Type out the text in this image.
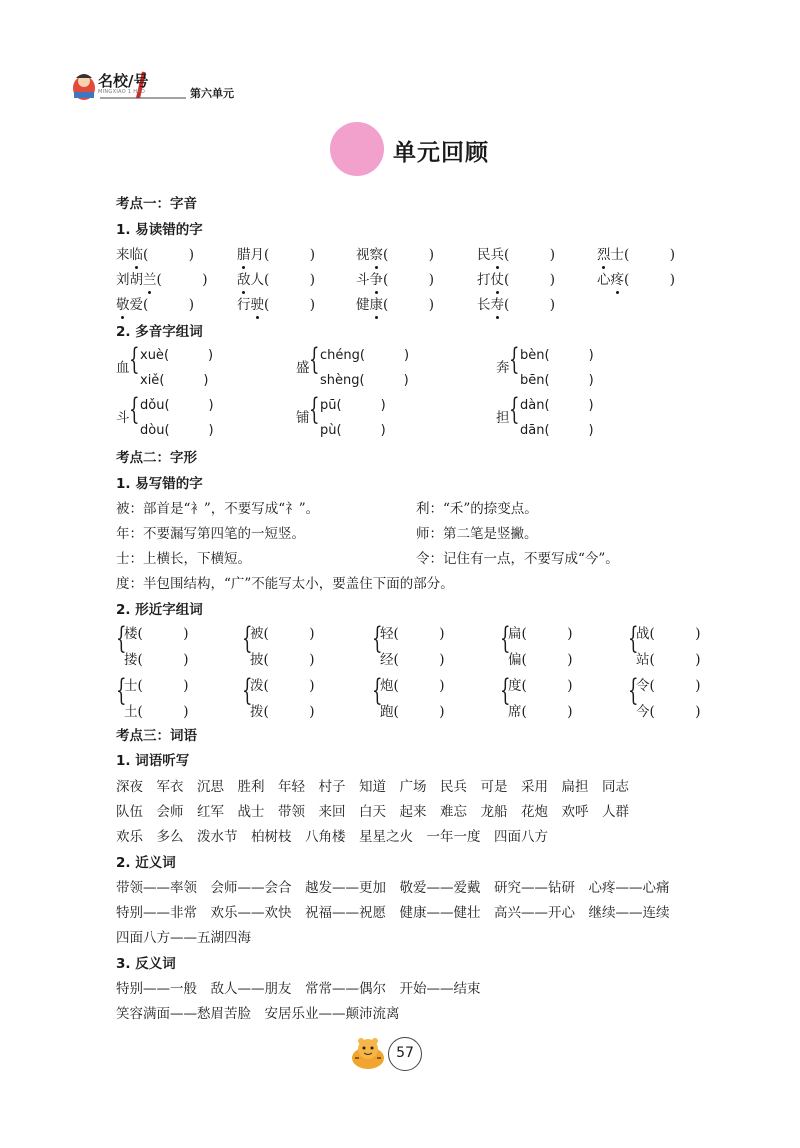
名校/号
MINGXIAO 1 HAO	第六单元
单元回顾
考点一：字音
1. 易读错的字
来临(　　　)	腊月(　　　)	视察(　　　)	民兵(　　　)	烈士(　　　)
刘胡兰(　　　) 敌人(　　　)	斗争(　　　)	打仗(　　　)	心疼(　　　)
敬爱(　　　)	行驶(　　　)	健康(　　　)	长寿(　　　)
2. 多音字组词
血 { xuè(　　　)
xiě(　　　)
盛 { chéng(　　　)
shèng(　　　)
奔 { bèn(　　　)
bēn(　　　)
斗 { dǒu(　　　)
dòu(　　　)
铺 { pū(　　　)
pù(　　　)
担 { dàn(　　　)
dān(　　　)
考点二：字形
1. 易写错的字
被：部首是“衤”，不要写成“礻”。	利：“禾”的捺变点。
年：不要漏写第四笔的一短竖。	师：第二笔是竖撇。
士：上横长，下横短。	令：记住有一点，不要写成“今”。
度：半包围结构，“广”不能写太小，要盖住下面的部分。
2. 形近字组词
{
楼(　　　)
搂(　　　)
{
被(　　　)
披(　　　)
{
轻(　　　)
经(　　　)
{
扁(　　　)
偏(　　　)
{
战(　　　)
站(　　　)
{
士(　　　)
土(　　　)
{
泼(　　　)
拨(　　　)
{
炮(　　　)
跑(　　　)
{
度(　　　)
席(　　　)
{
令(　　　)
今(　　　)
考点三：词语
1. 词语听写
深夜　军衣　沉思　胜利　年轻　村子　知道　广场　民兵　可是　采用　扁担　同志
队伍　会师　红军　战士　带领　来回　白天　起来　难忘　龙船　花炮　欢呼　人群
欢乐　多么　泼水节　柏树枝　八角楼　星星之火　一年一度　四面八方
2. 近义词
带领——率领　会师——会合　越发——更加　敬爱——爱戴　研究——钻研　心疼——心痛
特别——非常　欢乐——欢快　祝福——祝愿　健康——健壮　高兴——开心　继续——连续
四面八方——五湖四海
3. 反义词
特别——一般　敌人——朋友　常常——偶尔　开始——结束
笑容满面——愁眉苦脸　安居乐业——颠沛流离
57
